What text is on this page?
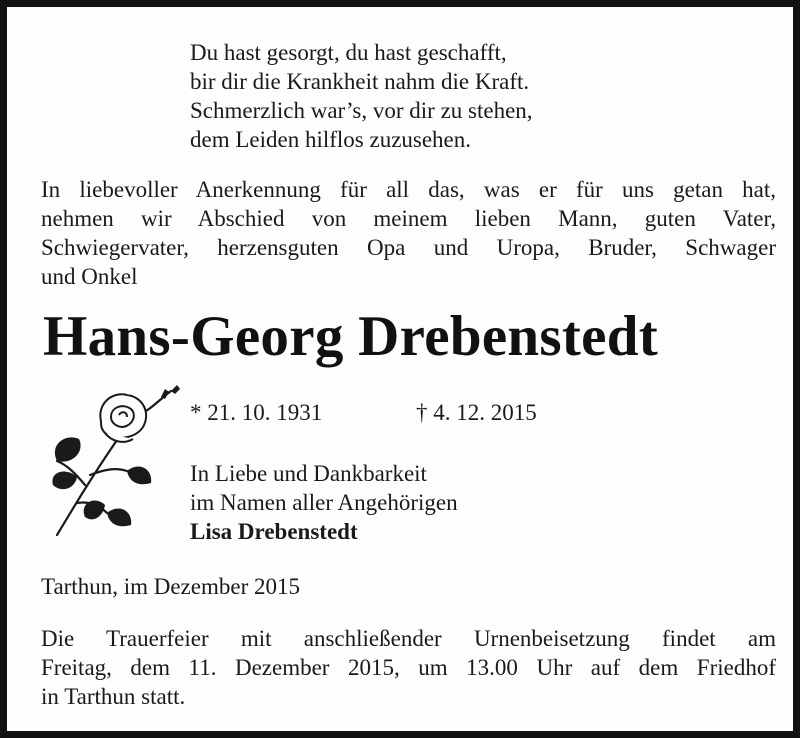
Du hast gesorgt, du hast geschafft,
bir dir die Krankheit nahm die Kraft.
Schmerzlich war’s, vor dir zu stehen,
dem Leiden hilflos zuzusehen.
In liebevoller Anerkennung für all das, was er für uns getan hat,
nehmen wir Abschied von meinem lieben Mann, guten Vater,
Schwiegervater, herzensguten Opa und Uropa, Bruder, Schwager
und Onkel
Hans-Georg Drebenstedt
* 21. 10. 1931	† 4. 12. 2015
In Liebe und Dankbarkeit
im Namen aller Angehörigen
Lisa Drebenstedt
Tarthun, im Dezember 2015
Die Trauerfeier mit anschließender Urnenbeisetzung findet am
Freitag, dem 11. Dezember 2015, um 13.00 Uhr auf dem Friedhof
in Tarthun statt.
